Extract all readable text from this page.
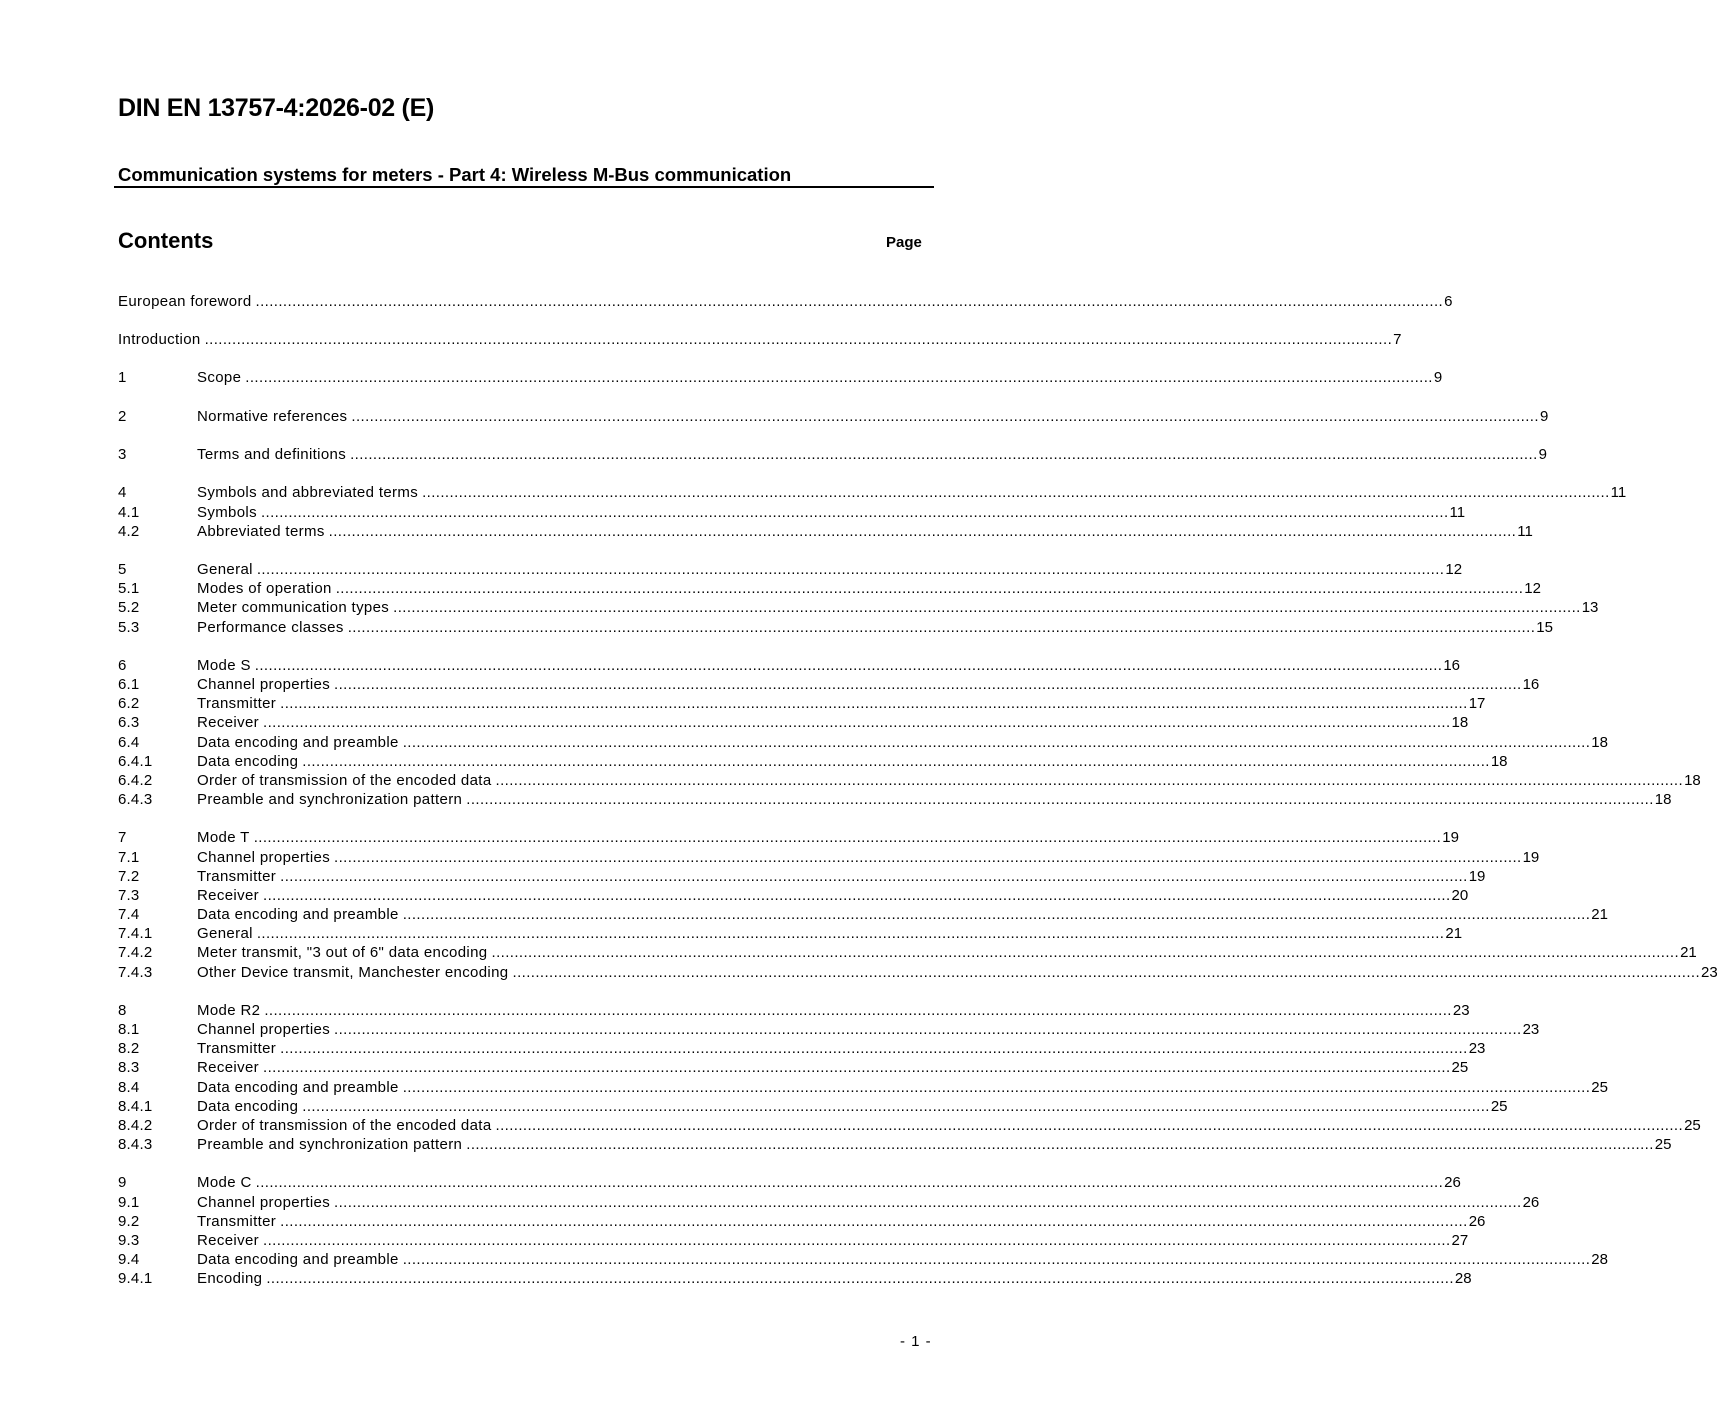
DIN EN 13757-4:2026-02 (E)
Communication systems for meters - Part 4: Wireless M-Bus communication
Contents	Page
European foreword .................................................................................................................................................................................................................................................................... 6
Introduction .................................................................................................................................................................................................................................................................... 7
1	Scope .................................................................................................................................................................................................................................................................... 9
2	Normative references .................................................................................................................................................................................................................................................................... 9
3	Terms and definitions .................................................................................................................................................................................................................................................................... 9
4	Symbols and abbreviated terms .................................................................................................................................................................................................................................................................... 11
4.1	Symbols .................................................................................................................................................................................................................................................................... 11
4.2	Abbreviated terms .................................................................................................................................................................................................................................................................... 11
5	General .................................................................................................................................................................................................................................................................... 12
5.1	Modes of operation .................................................................................................................................................................................................................................................................... 12
5.2	Meter communication types .................................................................................................................................................................................................................................................................... 13
5.3	Performance classes .................................................................................................................................................................................................................................................................... 15
6	Mode S .................................................................................................................................................................................................................................................................... 16
6.1	Channel properties .................................................................................................................................................................................................................................................................... 16
6.2	Transmitter .................................................................................................................................................................................................................................................................... 17
6.3	Receiver .................................................................................................................................................................................................................................................................... 18
6.4	Data encoding and preamble .................................................................................................................................................................................................................................................................... 18
6.4.1	Data encoding .................................................................................................................................................................................................................................................................... 18
6.4.2	Order of transmission of the encoded data .................................................................................................................................................................................................................................................................... 18
6.4.3	Preamble and synchronization pattern .................................................................................................................................................................................................................................................................... 18
7	Mode T .................................................................................................................................................................................................................................................................... 19
7.1	Channel properties .................................................................................................................................................................................................................................................................... 19
7.2	Transmitter .................................................................................................................................................................................................................................................................... 19
7.3	Receiver .................................................................................................................................................................................................................................................................... 20
7.4	Data encoding and preamble .................................................................................................................................................................................................................................................................... 21
7.4.1	General .................................................................................................................................................................................................................................................................... 21
7.4.2	Meter transmit, "3 out of 6" data encoding .................................................................................................................................................................................................................................................................... 21
7.4.3	Other Device transmit, Manchester encoding .................................................................................................................................................................................................................................................................... 23
8	Mode R2 .................................................................................................................................................................................................................................................................... 23
8.1	Channel properties .................................................................................................................................................................................................................................................................... 23
8.2	Transmitter .................................................................................................................................................................................................................................................................... 23
8.3	Receiver .................................................................................................................................................................................................................................................................... 25
8.4	Data encoding and preamble .................................................................................................................................................................................................................................................................... 25
8.4.1	Data encoding .................................................................................................................................................................................................................................................................... 25
8.4.2	Order of transmission of the encoded data .................................................................................................................................................................................................................................................................... 25
8.4.3	Preamble and synchronization pattern .................................................................................................................................................................................................................................................................... 25
9	Mode C .................................................................................................................................................................................................................................................................... 26
9.1	Channel properties .................................................................................................................................................................................................................................................................... 26
9.2	Transmitter .................................................................................................................................................................................................................................................................... 26
9.3	Receiver .................................................................................................................................................................................................................................................................... 27
9.4	Data encoding and preamble .................................................................................................................................................................................................................................................................... 28
9.4.1	Encoding .................................................................................................................................................................................................................................................................... 28
- 1 -
